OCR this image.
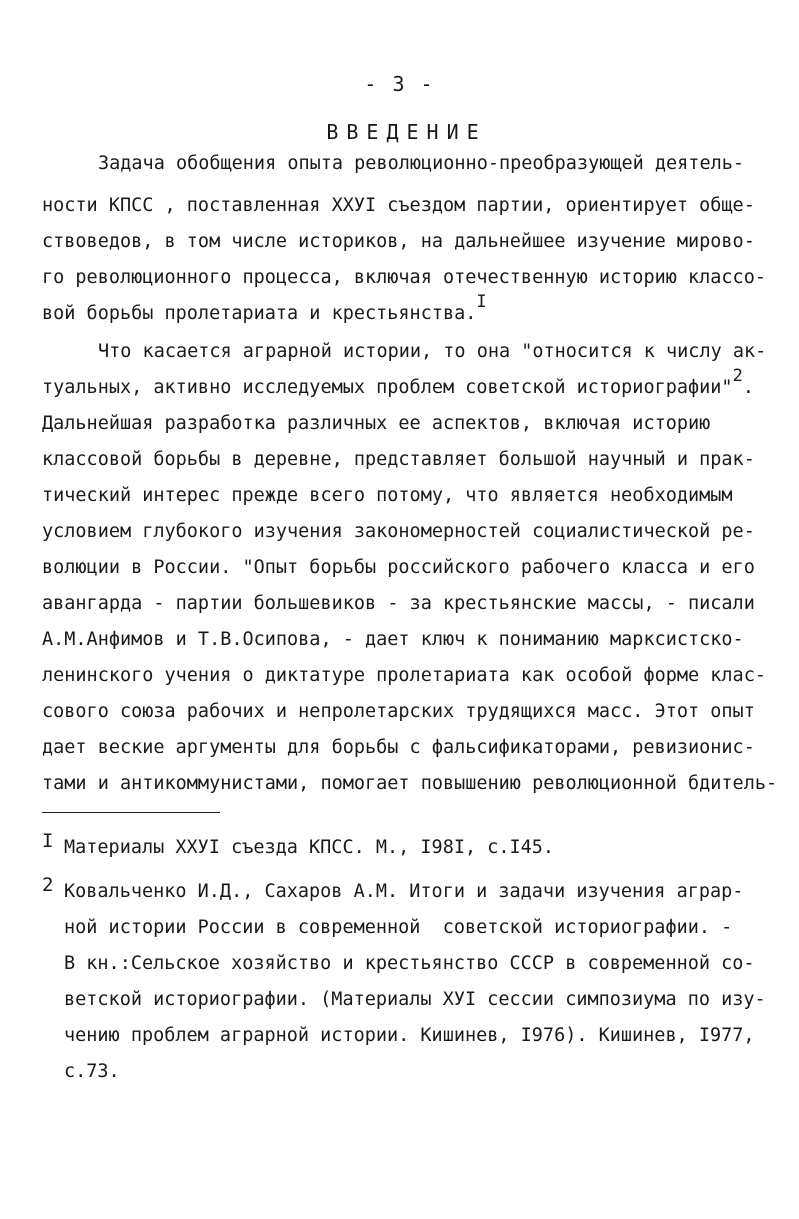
- 3 -
ВВЕДЕНИЕ
Задача обобщения опыта революционно-преобразующей деятель-
ности КПСС , поставленная ХХУI съездом партии, ориентирует обще-
ствоведов, в том числе историков, на дальнейшее изучение мирово-
го революционного процесса, включая отечественную историю классо-
вой борьбы пролетариата и крестьянства.I
Что касается аграрной истории, то она "относится к числу ак-
туальных, активно исследуемых проблем советской историографии"2.
Дальнейшая разработка различных ее аспектов, включая историю
классовой борьбы в деревне, представляет большой научный и прак-
тический интерес прежде всего потому, что является необходимым
условием глубокого изучения закономерностей социалистической ре-
волюции в России. "Опыт борьбы российского рабочего класса и его
авангарда - партии большевиков - за крестьянские массы, - писали
А.М.Анфимов и Т.В.Осипова, - дает ключ к пониманию марксистско-
ленинского учения о диктатуре пролетариата как особой форме клас-
сового союза рабочих и непролетарских трудящихся масс. Этот опыт
дает веские аргументы для борьбы с фальсификаторами, ревизионис-
тами и антикоммунистами, помогает повышению революционной бдитель-
I Материалы ХХУI съезда КПСС. М., I98I, с.I45.
2 Ковальченко И.Д., Сахаров А.М. Итоги и задачи изучения аграр-
ной истории России в современной  советской историографии. -
В кн.:Сельское хозяйство и крестьянство СССР в современной со-
ветской историографии. (Материалы ХУI сессии симпозиума по изу-
чению проблем аграрной истории. Кишинев, I976). Кишинев, I977,
с.73.
